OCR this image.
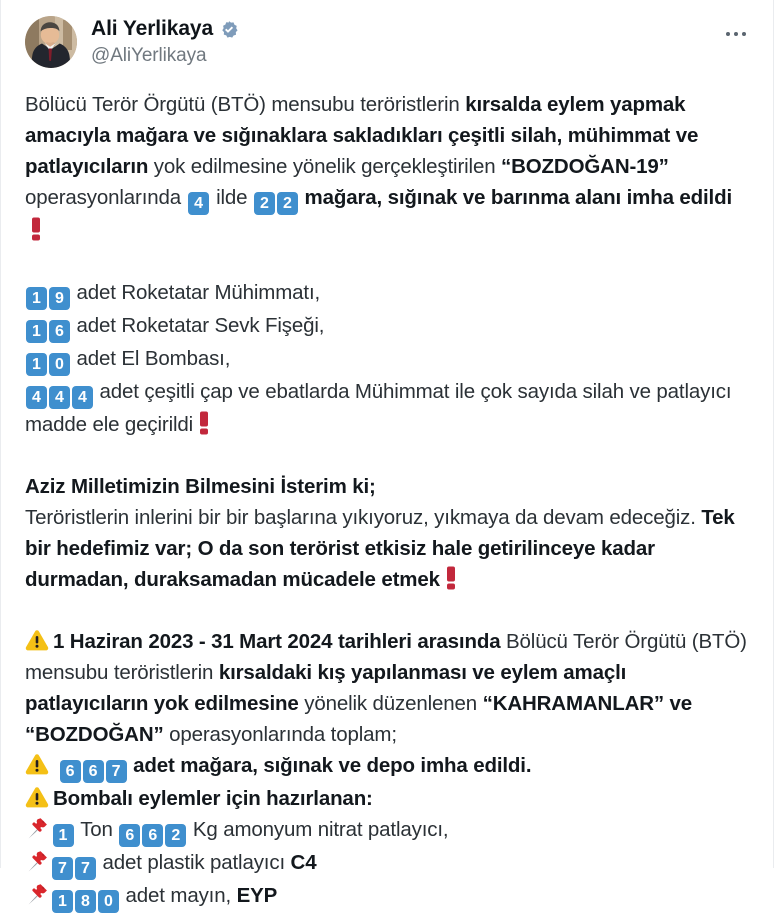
Ali Yerlikaya
@AliYerlikaya

Bölücü Terör Örgütü (BTÖ) mensubu teröristlerin kırsalda eylem yapmak amacıyla mağara ve sığınaklara sakladıkları çeşitli silah, mühimmat ve patlayıcıların yok edilmesine yönelik gerçekleştirilen “BOZDOĞAN-19” operasyonlarında 4 ilde 2 2 mağara, sığınak ve barınma alanı imha edildi

1 9 adet Roketatar Mühimmatı,

1 6 adet Roketatar Sevk Fişeği,

1 0 adet El Bombası,

4 4 4 adet çeşitli çap ve ebatlarda Mühimmat ile çok sayıda silah ve patlayıcı madde ele geçirildi

Aziz Milletimizin Bilmesini İsterim ki;

Teröristlerin inlerini bir bir başlarına yıkıyoruz, yıkmaya da devam edeceğiz. Tek bir hedefimiz var; O da son terörist etkisiz hale getirilinceye kadar durmadan, duraksamadan mücadele etmek

1 Haziran 2023 - 31 Mart 2024 tarihleri arasında Bölücü Terör Örgütü (BTÖ) mensubu teröristlerin kırsaldaki kış yapılanması ve eylem amaçlı patlayıcıların yok edilmesine yönelik düzenlenen “KAHRAMANLAR” ve “BOZDOĞAN” operasyonlarında toplam;

6 6 7 adet mağara, sığınak ve depo imha edildi.

Bombalı eylemler için hazırlanan:

1 Ton 6 6 2 Kg amonyum nitrat patlayıcı,

7 7 adet plastik patlayıcı C4

1 8 0 adet mayın, EYP
